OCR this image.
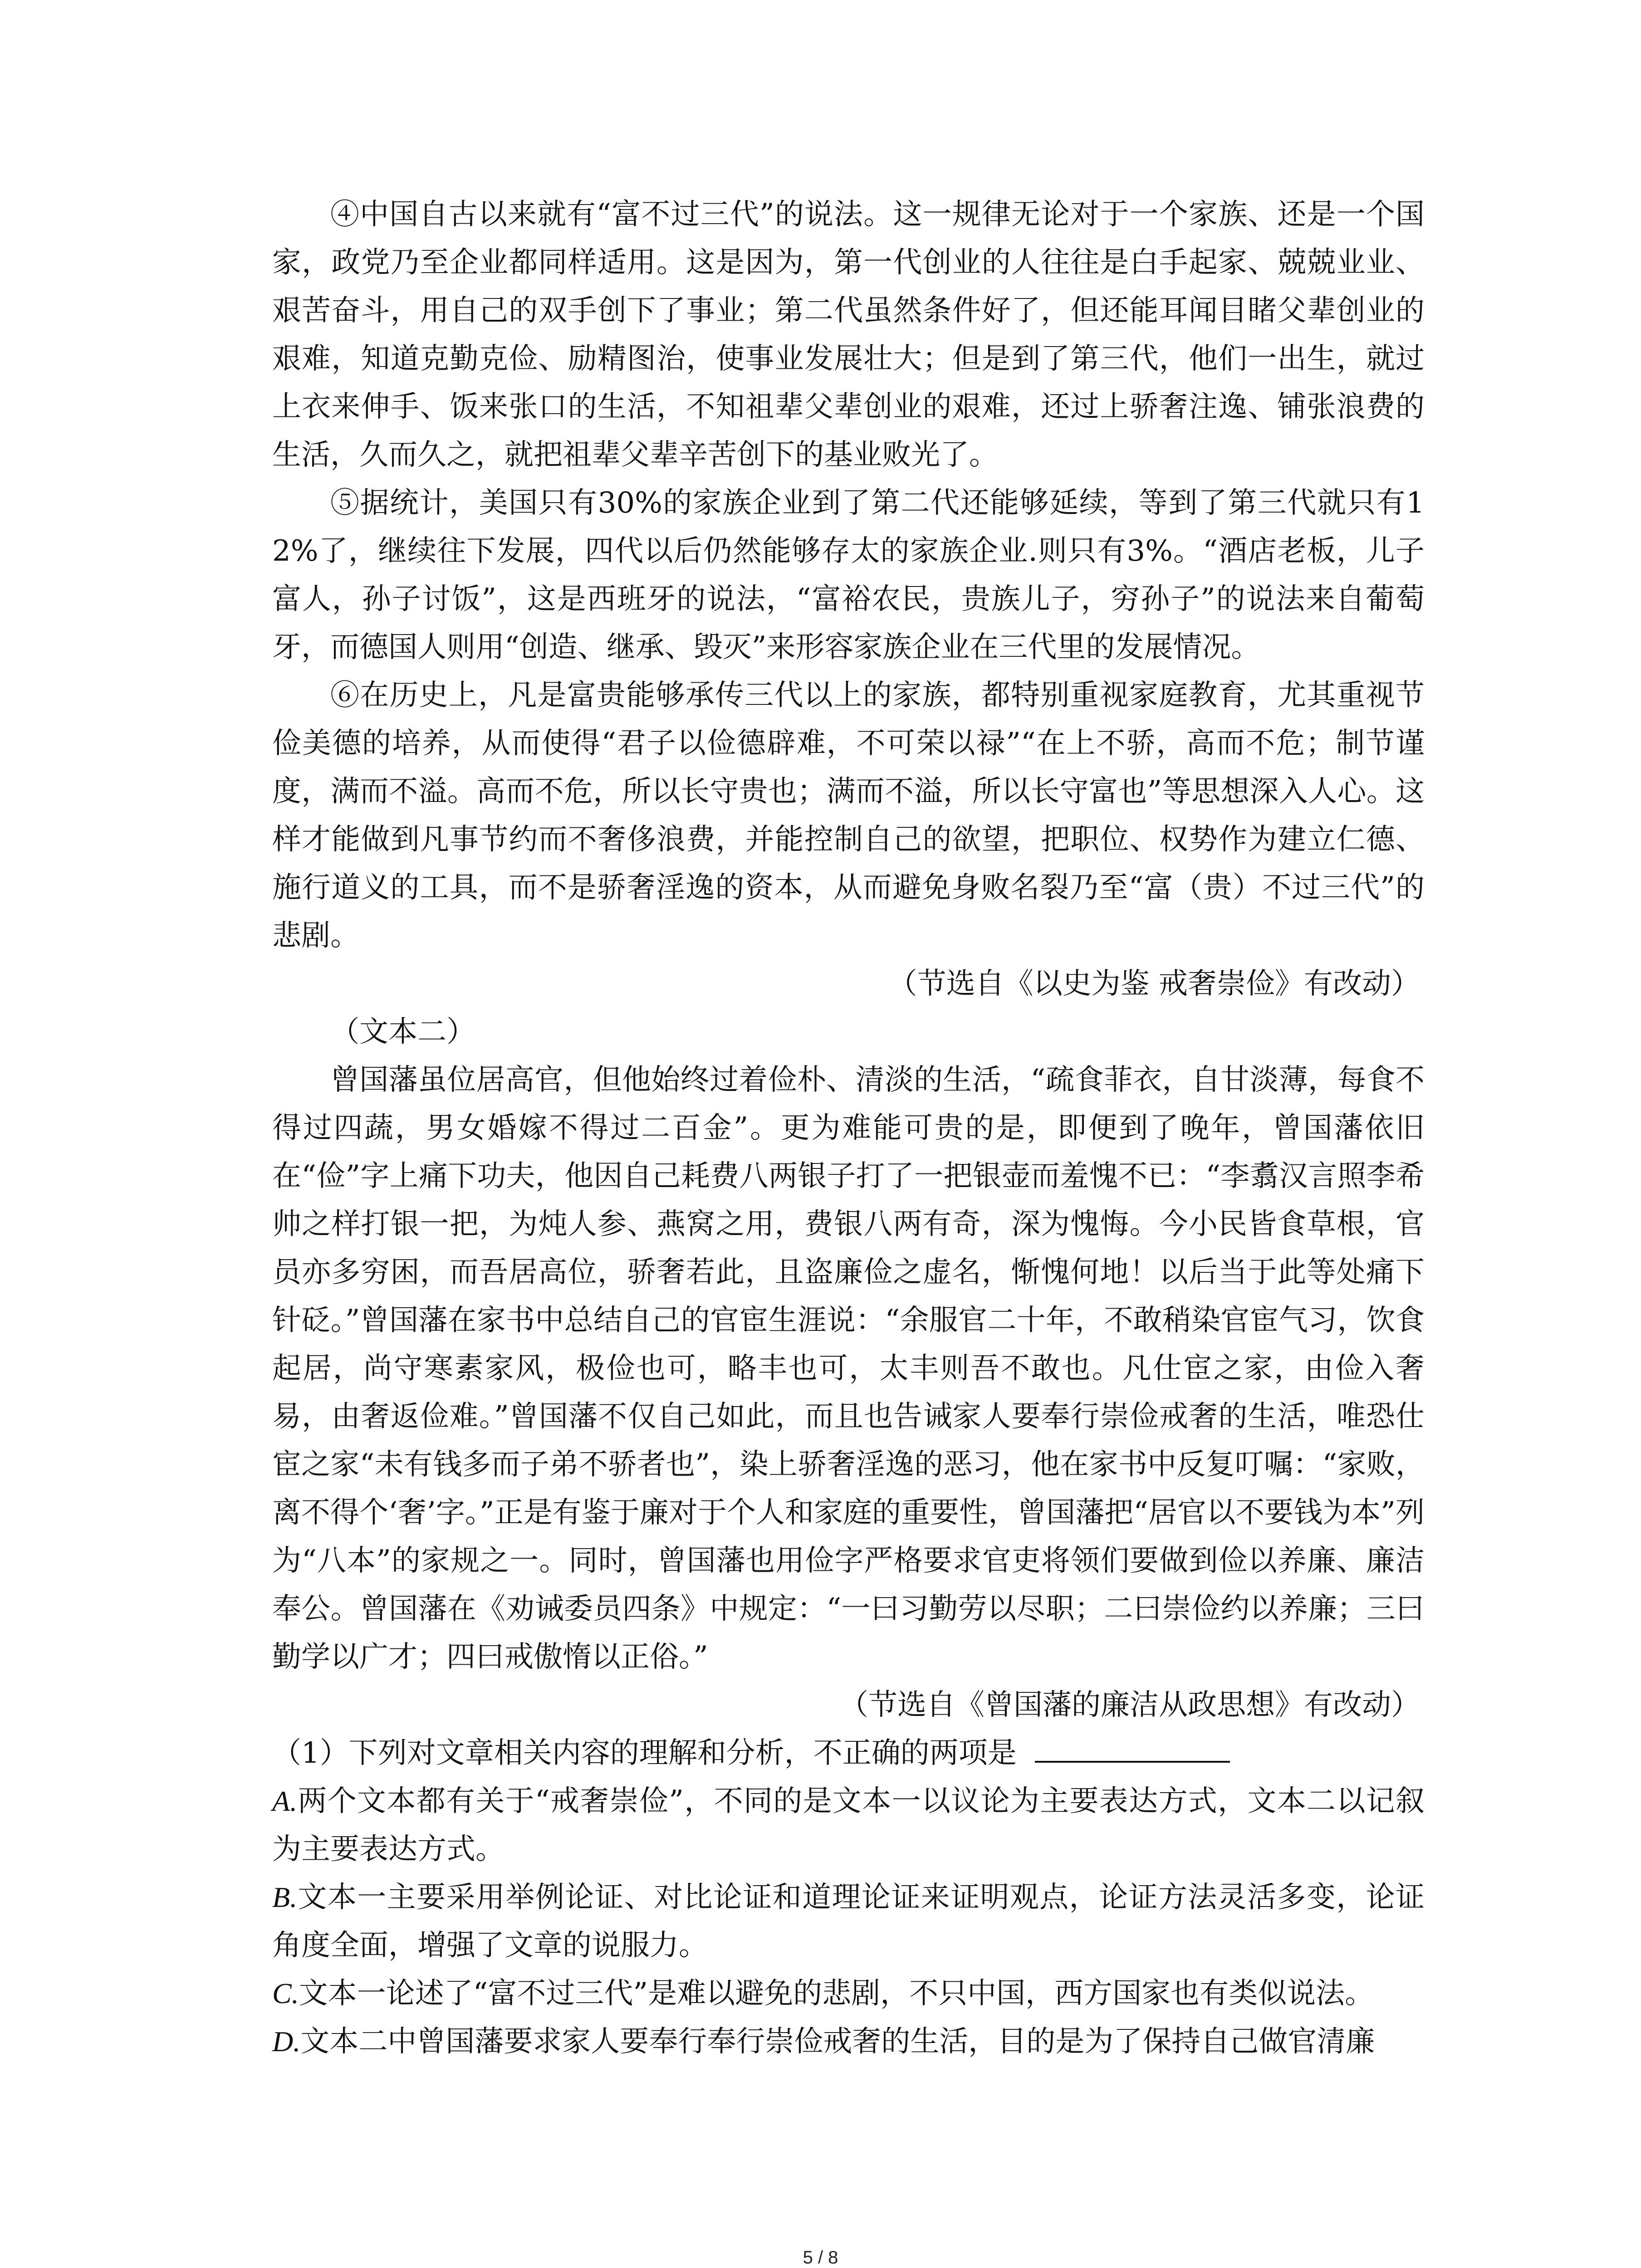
④中国自古以来就有“富不过三代”的说法。这一规律无论对于一个家族、还是一个国家，政党乃至企业都同样适用。这是因为，第一代创业的人往往是白手起家、兢兢业业、艰苦奋斗，用自己的双手创下了事业；第二代虽然条件好了，但还能耳闻目睹父辈创业的艰难，知道克勤克俭、励精图治，使事业发展壮大；但是到了第三代，他们一出生，就过上衣来伸手、饭来张口的生活，不知祖辈父辈创业的艰难，还过上骄奢注逸、铺张浪费的生活，久而久之，就把祖辈父辈辛苦创下的基业败光了。

⑤据统计，美国只有30%的家族企业到了第二代还能够延续，等到了第三代就只有12%了，继续往下发展，四代以后仍然能够存太的家族企业.则只有3%。“酒店老板，儿子富人，孙子讨饭”，这是西班牙的说法，“富裕农民，贵族儿子，穷孙子”的说法来自葡萄牙，而德国人则用“创造、继承、毁灭”来形容家族企业在三代里的发展情况。

⑥在历史上，凡是富贵能够承传三代以上的家族，都特别重视家庭教育，尤其重视节俭美德的培养，从而使得“君子以俭德辟难，不可荣以禄”“在上不骄，高而不危；制节谨度，满而不溢。高而不危，所以长守贵也；满而不溢，所以长守富也”等思想深入人心。这样才能做到凡事节约而不奢侈浪费，并能控制自己的欲望，把职位、权势作为建立仁德、施行道义的工具，而不是骄奢淫逸的资本，从而避免身败名裂乃至“富（贵）不过三代”的悲剧。

（节选自《以史为鉴 戒奢崇俭》有改动）

（文本二）

曾国藩虽位居高官，但他始终过着俭朴、清淡的生活，“疏食菲衣，自甘淡薄，每食不得过四蔬，男女婚嫁不得过二百金”。更为难能可贵的是，即便到了晚年，曾国藩依旧在“俭”字上痛下功夫，他因自己耗费八两银子打了一把银壶而羞愧不已：“李翥汉言照李希帅之样打银一把，为炖人参、燕窝之用，费银八两有奇，深为愧悔。今小民皆食草根，官员亦多穷困，而吾居高位，骄奢若此，且盗廉俭之虚名，惭愧何地！以后当于此等处痛下针砭。”曾国藩在家书中总结自己的官宦生涯说：“余服官二十年，不敢稍染官宦气习，饮食起居，尚守寒素家风，极俭也可，略丰也可，太丰则吾不敢也。凡仕宦之家，由俭入奢易，由奢返俭难。”曾国藩不仅自己如此，而且也告诫家人要奉行崇俭戒奢的生活，唯恐仕宦之家“未有钱多而子弟不骄者也”，染上骄奢淫逸的恶习，他在家书中反复叮嘱：“家败，离不得个‘奢’字。”正是有鉴于廉对于个人和家庭的重要性，曾国藩把“居官以不要钱为本”列为“八本”的家规之一。同时，曾国藩也用俭字严格要求官吏将领们要做到俭以养廉、廉洁奉公。曾国藩在《劝诫委员四条》中规定：“一曰习勤劳以尽职；二曰崇俭约以养廉；三曰勤学以广才；四曰戒傲惰以正俗。”

（节选自《曾国藩的廉洁从政思想》有改动）

（1）下列对文章相关内容的理解和分析，不正确的两项是

A.两个文本都有关于“戒奢崇俭”，不同的是文本一以议论为主要表达方式，文本二以记叙为主要表达方式。

B.文本一主要采用举例论证、对比论证和道理论证来证明观点，论证方法灵活多变，论证角度全面，增强了文章的说服力。

C.文本一论述了“富不过三代”是难以避免的悲剧，不只中国，西方国家也有类似说法。

D.文本二中曾国藩要求家人要奉行奉行崇俭戒奢的生活，目的是为了保持自己做官清廉

5 / 8
